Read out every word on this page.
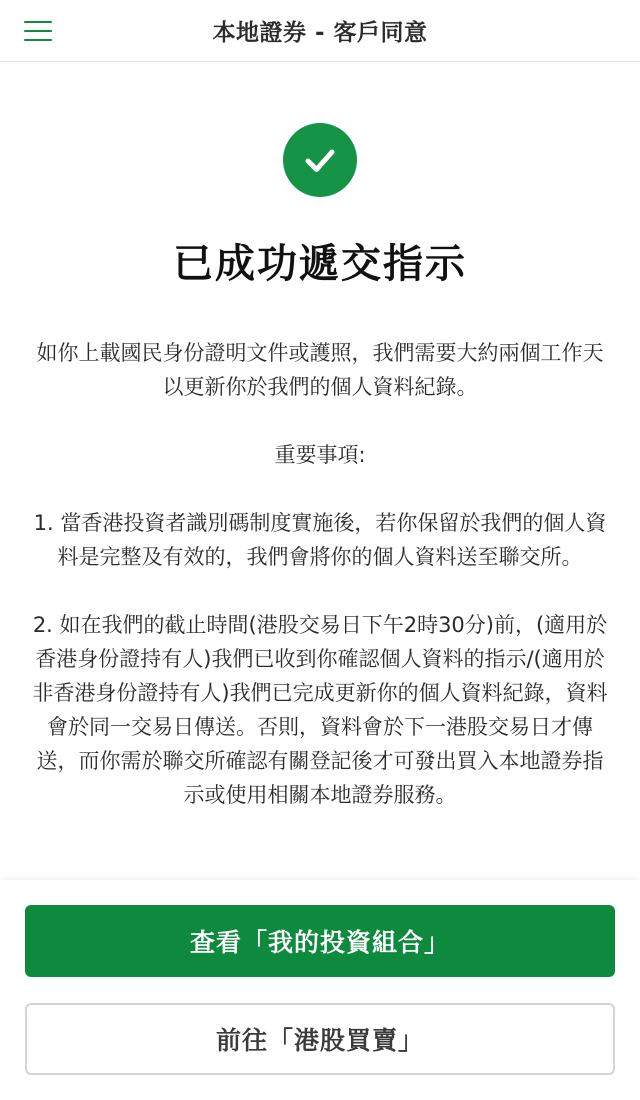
本地證券 - 客戶同意
已成功遞交指示

如你上載國民身份證明文件或護照，我們需要大約兩個工作天以更新你於我們的個人資料紀錄。

重要事項:

1. 當香港投資者識別碼制度實施後，若你保留於我們的個人資料是完整及有效的，我們會將你的個人資料送至聯交所。

2. 如在我們的截止時間(港股交易日下午2時30分)前，(適用於香港身份證持有人)我們已收到你確認個人資料的指示/(適用於非香港身份證持有人)我們已完成更新你的個人資料紀錄，資料會於同一交易日傳送。否則，資料會於下一港股交易日才傳送，而你需於聯交所確認有關登記後才可發出買入本地證券指示或使用相關本地證券服務。

查看「我的投資組合」
前往「港股買賣」
